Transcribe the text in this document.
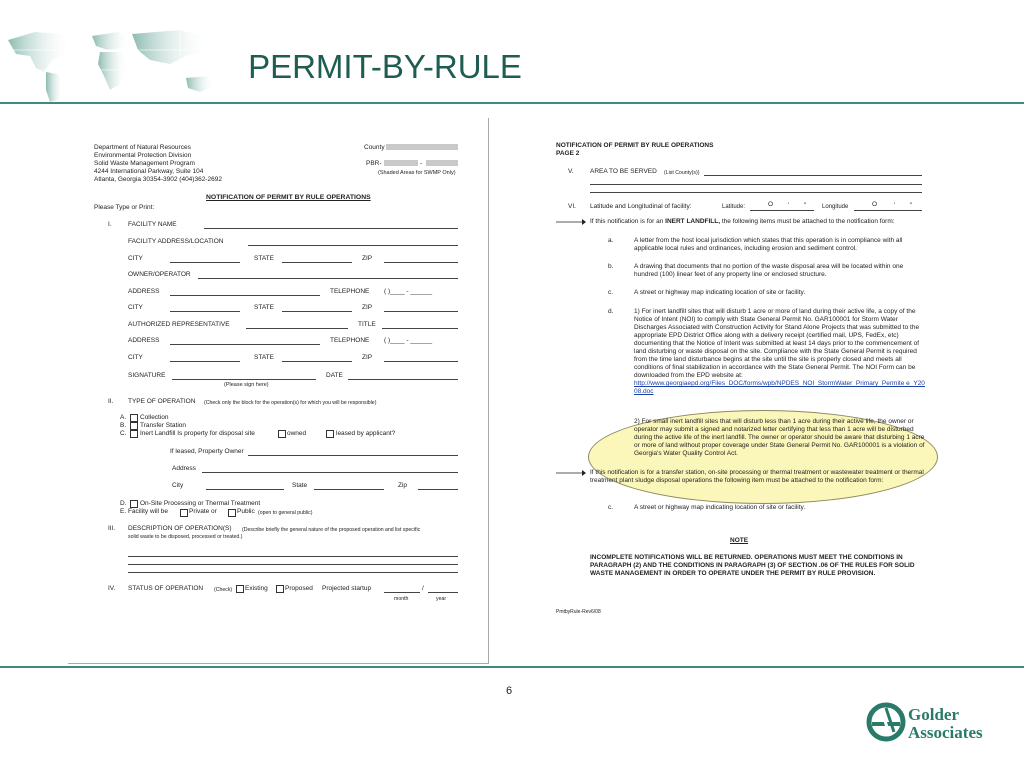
PERMIT-BY-RULE
Department of Natural Resources
Environmental Protection Division
Solid Waste Management Program
4244 International Parkway, Suite 104
Atlanta, Georgia 30354-3902 (404)362-2692
County
PBR-	-
(Shaded Areas for SWMP Only)
NOTIFICATION OF PERMIT BY RULE OPERATIONS
Please Type or Print:
I.	FACILITY NAME
FACILITY ADDRESS/LOCATION
CITY	STATE	ZIP
OWNER/OPERATOR
ADDRESS	TELEPHONE ( )____ - ______
CITY	STATE	ZIP
AUTHORIZED REPRESENTATIVE	TITLE
ADDRESS	TELEPHONE ( )____ - ______
CITY	STATE	ZIP
SIGNATURE	DATE
(Please sign here)
II. TYPE OF OPERATION (Check only the block for the operation(s) for which you will be responsible)
A. Collection
B. Transfer Station
C. Inert Landfill Is property for disposal site	owned	leased by applicant?
If leased, Property Owner
Address
City	State	Zip
D. On-Site Processing or Thermal Treatment
E. Facility will be	Private or	Public (open to general public)
III. DESCRIPTION OF OPERATION(S) (Describe briefly the general nature of the proposed operation and list specific
solid waste to be disposed, processed or treated.)
IV. STATUS OF OPERATION (Check) Existing	Proposed Projected startup	/
month	year
NOTIFICATION OF PERMIT BY RULE OPERATIONS
PAGE 2
V.	AREA TO BE SERVED (List County(s))
VI. Latitude and Longitudinal of facility:	Latitude:	O ' "	Longitude	O	' "
If this notification is for an INERT LANDFILL, the following items must be attached to the notification form:
a.	A letter from the host local jurisdiction which states that this operation is in compliance with all applicable local rules and ordinances, including erosion and sediment control.
b.	A drawing that documents that no portion of the waste disposal area will be located within one hundred (100) linear feet of any property line or enclosed structure.
c.	A street or highway map indicating location of site or facility.
d.	1) For inert landfill sites that will disturb 1 acre or more of land during their active life, a copy of the Notice of Intent (NOI) to comply with State General Permit No. GAR100001 for Storm Water Discharges Associated with Construction Activity for Stand Alone Projects that was submitted to the appropriate EPD District Office along with a delivery receipt (certified mail, UPS, FedEx, etc) documenting that the Notice of Intent was submitted at least 14 days prior to the commencement of land disturbing or waste disposal on the site. Compliance with the State General Permit is required from the time land disturbance begins at the site until the site is properly closed and meets all conditions of final stabilization in accordance with the State General Permit. The NOI Form can be downloaded from the EPD website at:
http://www.georgiaepd.org/Files_DOC/forms/wpb/NPDES_NOI_StormWater_Primary_Permite e_Y2008.doc
2) For small inert landfill sites that will disturb less than 1 acre during their active life, the owner or operator may submit a signed and notarized letter certifying that less than 1 acre will be disturbed during the active life of the inert landfill. The owner or operator should be aware that disturbing 1 acre or more of land without proper coverage under State General Permit No. GAR100001 is a violation of Georgia's Water Quality Control Act.
If this notification is for a transfer station, on-site processing or thermal treatment or wastewater treatment or thermal treatment plant sludge disposal operations the following item must be attached to the notification form:
c.	A street or highway map indicating location of site or facility.
NOTE
INCOMPLETE NOTIFICATIONS WILL BE RETURNED. OPERATIONS MUST MEET THE CONDITIONS IN PARAGRAPH (2) AND THE CONDITIONS IN PARAGRAPH (3) OF SECTION .06 OF THE RULES FOR SOLID WASTE MANAGEMENT IN ORDER TO OPERATE UNDER THE PERMIT BY RULE PROVISION.
PmtbyRule-Rev6/08
6
Golder
Associates
